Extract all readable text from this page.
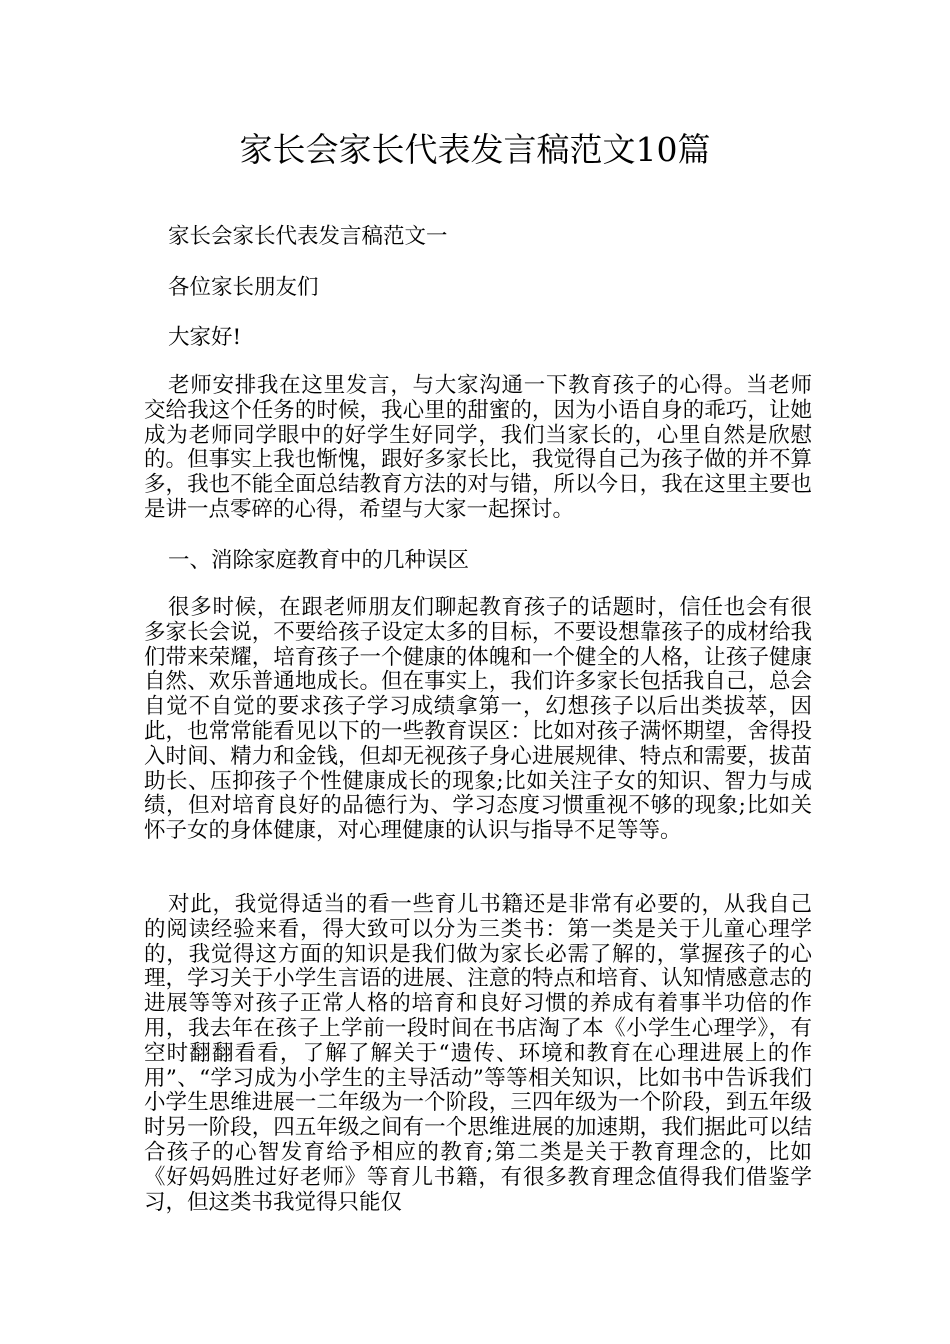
家长会家长代表发言稿范文10篇

家长会家长代表发言稿范文一

各位家长朋友们

大家好!

老师安排我在这里发言，与大家沟通一下教育孩子的心得。当老师交给我这个任务的时候，我心里的甜蜜的，因为小语自身的乖巧，让她成为老师同学眼中的好学生好同学，我们当家长的，心里自然是欣慰的。但事实上我也惭愧，跟好多家长比，我觉得自己为孩子做的并不算多，我也不能全面总结教育方法的对与错，所以今日，我在这里主要也是讲一点零碎的心得，希望与大家一起探讨。

一、消除家庭教育中的几种误区

很多时候，在跟老师朋友们聊起教育孩子的话题时，信任也会有很多家长会说，不要给孩子设定太多的目标，不要设想靠孩子的成材给我们带来荣耀，培育孩子一个健康的体魄和一个健全的人格，让孩子健康自然、欢乐普通地成长。但在事实上，我们许多家长包括我自己，总会自觉不自觉的要求孩子学习成绩拿第一，幻想孩子以后出类拔萃，因此，也常常能看见以下的一些教育误区：比如对孩子满怀期望，舍得投入时间、精力和金钱，但却无视孩子身心进展规律、特点和需要，拔苗助长、压抑孩子个性健康成长的现象;比如关注子女的知识、智力与成绩，但对培育良好的品德行为、学习态度习惯重视不够的现象;比如关怀子女的身体健康，对心理健康的认识与指导不足等等。

对此，我觉得适当的看一些育儿书籍还是非常有必要的，从我自己的阅读经验来看，得大致可以分为三类书：第一类是关于儿童心理学的，我觉得这方面的知识是我们做为家长必需了解的，掌握孩子的心理，学习关于小学生言语的进展、注意的特点和培育、认知情感意志的进展等等对孩子正常人格的培育和良好习惯的养成有着事半功倍的作用，我去年在孩子上学前一段时间在书店淘了本《小学生心理学》，有空时翻翻看看，了解了解关于“遗传、环境和教育在心理进展上的作用”、“学习成为小学生的主导活动”等等相关知识，比如书中告诉我们小学生思维进展一二年级为一个阶段，三四年级为一个阶段，到五年级时另一阶段，四五年级之间有一个思维进展的加速期，我们据此可以结合孩子的心智发育给予相应的教育;第二类是关于教育理念的，比如《好妈妈胜过好老师》等育儿书籍，有很多教育理念值得我们借鉴学习，但这类书我觉得只能仅
